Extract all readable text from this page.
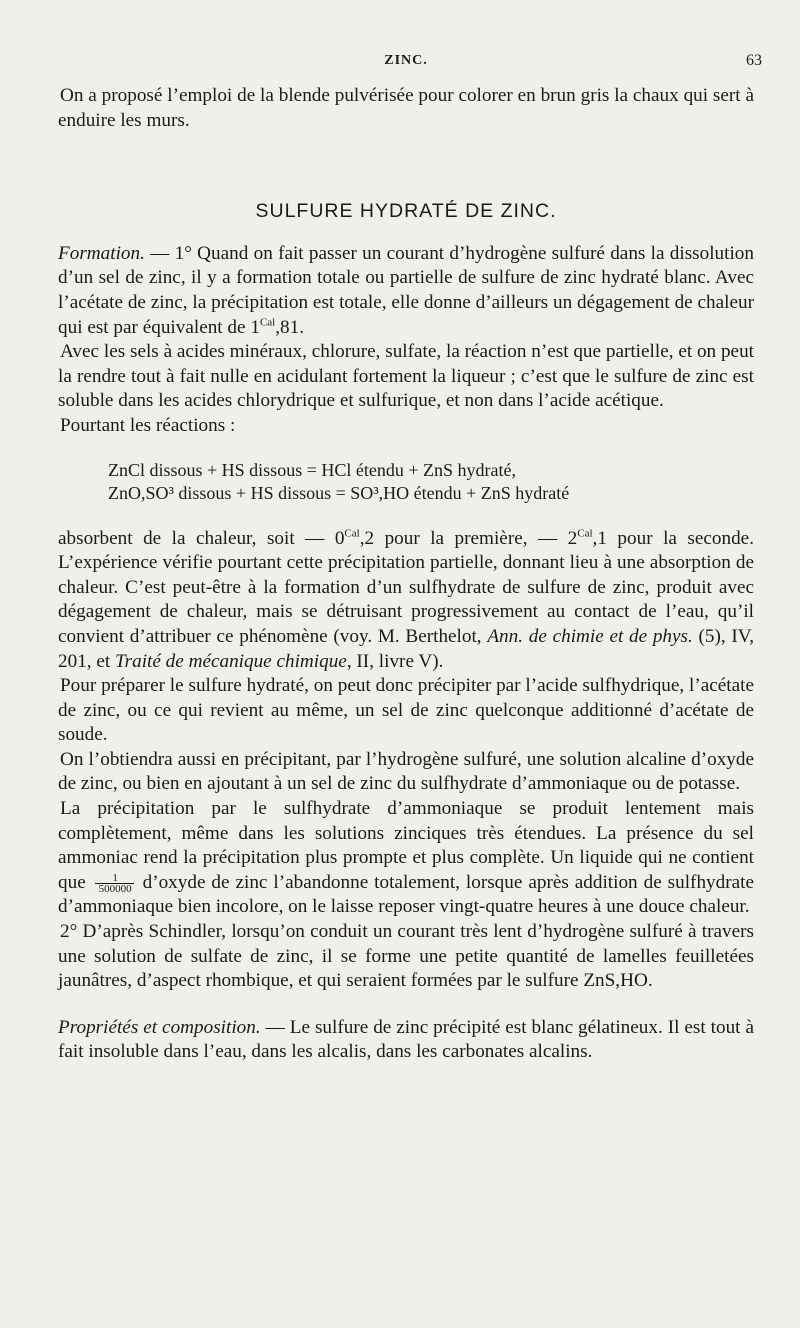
ZINC.	63

On a proposé l’emploi de la blende pulvérisée pour colorer en brun gris la chaux qui sert à enduire les murs.

SULFURE HYDRATÉ DE ZINC.

Formation. — 1° Quand on fait passer un courant d’hydrogène sulfuré dans la dissolution d’un sel de zinc, il y a formation totale ou partielle de sulfure de zinc hydraté blanc. Avec l’acétate de zinc, la précipitation est totale, elle donne d’ailleurs un dégagement de chaleur qui est par équivalent de $1^{Cal},81$.

Avec les sels à acides minéraux, chlorure, sulfate, la réaction n’est que partielle, et on peut la rendre tout à fait nulle en acidulant fortement la liqueur ; c’est que le sulfure de zinc est soluble dans les acides chlorydrique et sulfurique, et non dans l’acide acétique.

Pourtant les réactions :

ZnCl dissous + HS dissous = HCl étendu + ZnS hydraté,
ZnO,SO³ dissous + HS dissous = SO³,HO étendu + ZnS hydraté

absorbent de la chaleur, soit — $0^{Cal},2$ pour la première, — $2^{Cal},1$ pour la seconde. L’expérience vérifie pourtant cette précipitation partielle, donnant lieu à une absorption de chaleur. C’est peut-être à la formation d’un sulfhydrate de sulfure de zinc, produit avec dégagement de chaleur, mais se détruisant progressivement au contact de l’eau, qu’il convient d’attribuer ce phénomène (voy. M. Berthelot, Ann. de chimie et de phys. (5), IV, 201, et Traité de mécanique chimique, II, livre V).

Pour préparer le sulfure hydraté, on peut donc précipiter par l’acide sulfhydrique, l’acétate de zinc, ou ce qui revient au même, un sel de zinc quelconque additionné d’acétate de soude.

On l’obtiendra aussi en précipitant, par l’hydrogène sulfuré, une solution alcaline d’oxyde de zinc, ou bien en ajoutant à un sel de zinc du sulfhydrate d’ammoniaque ou de potasse.

La précipitation par le sulfhydrate d’ammoniaque se produit lentement mais complètement, même dans les solutions zinciques très étendues. La présence du sel ammoniac rend la précipitation plus prompte et plus complète. Un liquide qui ne contient que $\frac{1}{500000}$ d’oxyde de zinc l’abandonne totalement, lorsque après addition de sulfhydrate d’ammoniaque bien incolore, on le laisse reposer vingt-quatre heures à une douce chaleur.

2° D’après Schindler, lorsqu’on conduit un courant très lent d’hydrogène sulfuré à travers une solution de sulfate de zinc, il se forme une petite quantité de lamelles feuilletées jaunâtres, d’aspect rhombique, et qui seraient formées par le sulfure ZnS,HO.

Propriétés et composition. — Le sulfure de zinc précipité est blanc gélatineux. Il est tout à fait insoluble dans l’eau, dans les alcalis, dans les carbonates alcalins.
